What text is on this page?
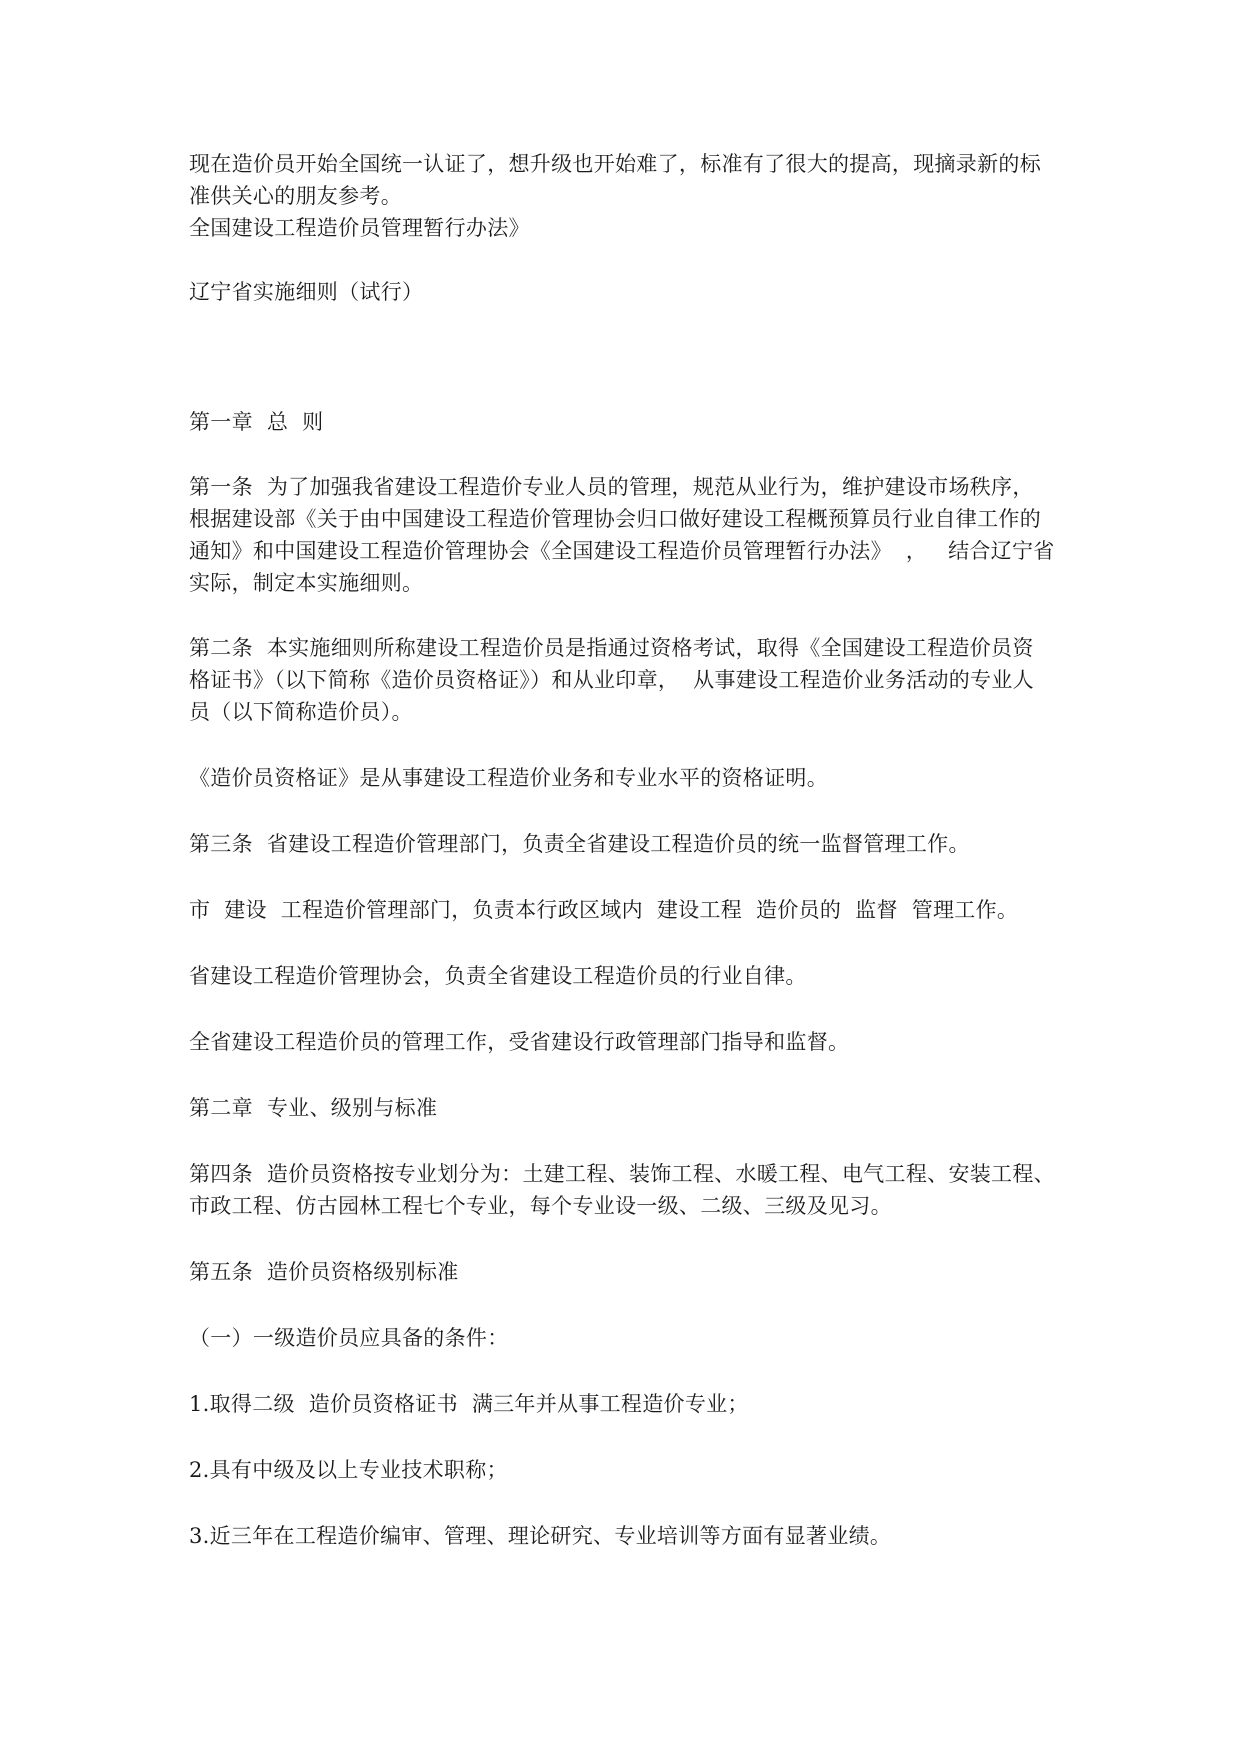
现在造价员开始全国统一认证了，想升级也开始难了，标准有了很大的提高，现摘录新的标

准供关心的朋友参考。

全国建设工程造价员管理暂行办法》

辽宁省实施细则（试行）

第一章  总  则

第一条  为了加强我省建设工程造价专业人员的管理，规范从业行为，维护建设市场秩序，

根据建设部《关于由中国建设工程造价管理协会归口做好建设工程概预算员行业自律工作的

通知》和中国建设工程造价管理协会《全国建设工程造价员管理暂行办法》  ，   结合辽宁省

实际，制定本实施细则。

第二条  本实施细则所称建设工程造价员是指通过资格考试，取得《全国建设工程造价员资

格证书》（以下简称《造价员资格证》）和从业印章，  从事建设工程造价业务活动的专业人

员（以下简称造价员）。

《造价员资格证》是从事建设工程造价业务和专业水平的资格证明。

第三条  省建设工程造价管理部门，负责全省建设工程造价员的统一监督管理工作。

市  建设  工程造价管理部门，负责本行政区域内  建设工程  造价员的  监督  管理工作。

省建设工程造价管理协会，负责全省建设工程造价员的行业自律。

全省建设工程造价员的管理工作，受省建设行政管理部门指导和监督。

第二章  专业、级别与标准

第四条  造价员资格按专业划分为：土建工程、装饰工程、水暖工程、电气工程、安装工程、

市政工程、仿古园林工程七个专业，每个专业设一级、二级、三级及见习。

第五条  造价员资格级别标准

（一）一级造价员应具备的条件：

1.取得二级  造价员资格证书  满三年并从事工程造价专业；

2.具有中级及以上专业技术职称；

3.近三年在工程造价编审、管理、理论研究、专业培训等方面有显著业绩。
